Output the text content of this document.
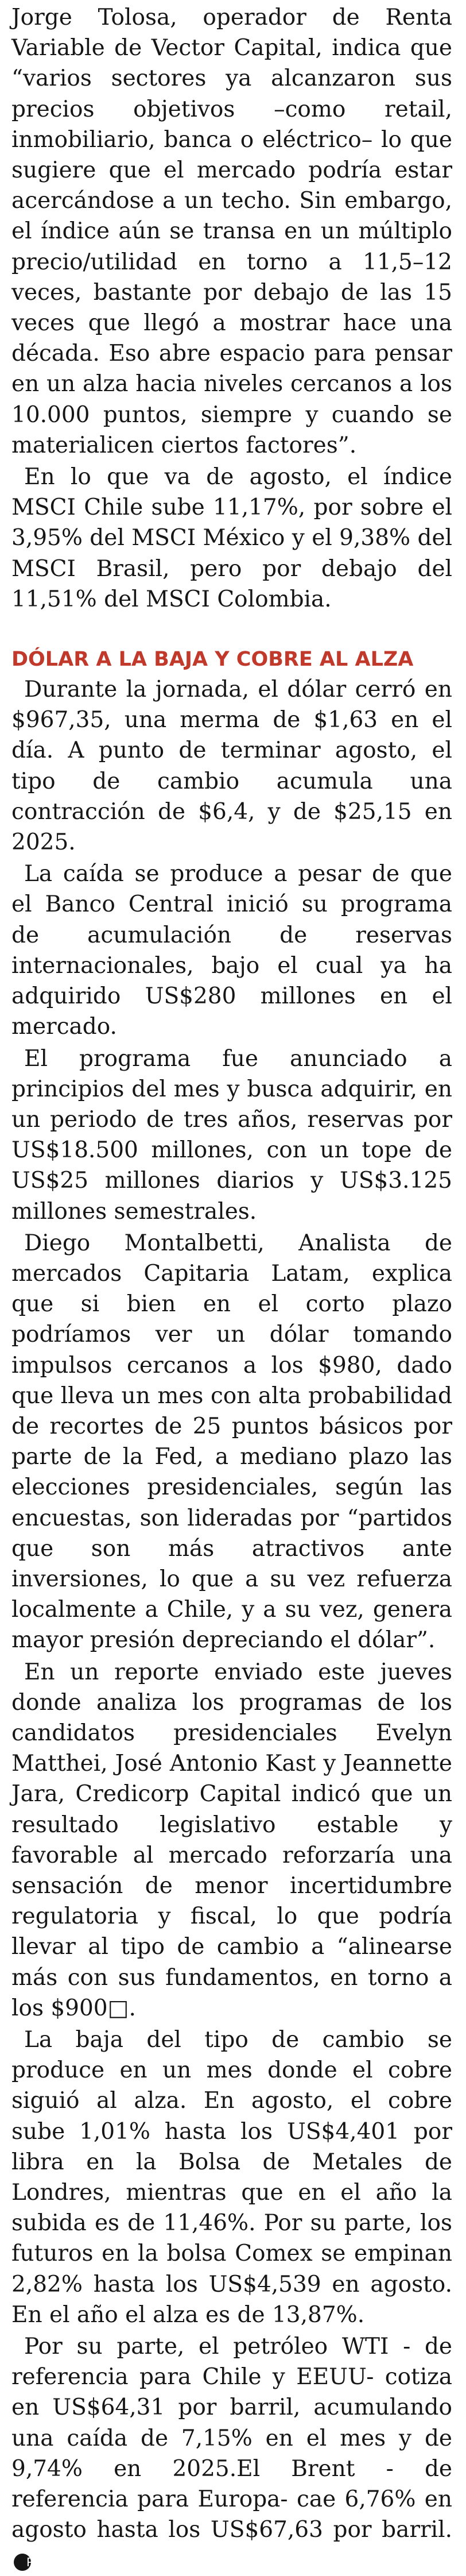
Jorge Tolosa, operador de Renta Variable de Vector Capital, indica que “varios sectores ya alcanzaron sus precios objetivos –como retail, inmobiliario, banca o eléctrico– lo que sugiere que el mercado podría estar acercándose a un techo. Sin embargo, el índice aún se transa en un múltiplo precio/utilidad en torno a 11,5–12 veces, bastante por debajo de las 15 veces que llegó a mostrar hace una década. Eso abre espacio para pensar en un alza hacia niveles cercanos a los 10.000 puntos, siempre y cuando se materialicen ciertos factores”.

En lo que va de agosto, el índice MSCI Chile sube 11,17%, por sobre el 3,95% del MSCI México y el 9,38% del MSCI Brasil, pero por debajo del 11,51% del MSCI Colombia.

DÓLAR A LA BAJA Y COBRE AL ALZA

Durante la jornada, el dólar cerró en $967,35, una merma de $1,63 en el día. A punto de terminar agosto, el tipo de cambio acumula una contracción de $6,4, y de $25,15 en 2025.

La caída se produce a pesar de que el Banco Central inició su programa de acumulación de reservas internacionales, bajo el cual ya ha adquirido US$280 millones en el mercado.

El programa fue anunciado a principios del mes y busca adquirir, en un periodo de tres años, reservas por US$18.500 millones, con un tope de US$25 millones diarios y US$3.125 millones semestrales.

Diego Montalbetti, Analista de mercados Capitaria Latam, explica que si bien en el corto plazo podríamos ver un dólar tomando impulsos cercanos a los $980, dado que lleva un mes con alta probabilidad de recortes de 25 puntos básicos por parte de la Fed, a mediano plazo las elecciones presidenciales, según las encuestas, son lideradas por “partidos que son más atractivos ante inversiones, lo que a su vez refuerza localmente a Chile, y a su vez, genera mayor presión depreciando el dólar”.

En un reporte enviado este jueves donde analiza los programas de los candidatos presidenciales Evelyn Matthei, José Antonio Kast y Jeannette Jara, Credicorp Capital indicó que un resultado legislativo estable y favorable al mercado reforzaría una sensación de menor incertidumbre regulatoria y fiscal, lo que podría llevar al tipo de cambio a “alinearse más con sus fundamentos, en torno a los $900□.

La baja del tipo de cambio se produce en un mes donde el cobre siguió al alza. En agosto, el cobre sube 1,01% hasta los US$4,401 por libra en la Bolsa de Metales de Londres, mientras que en el año la subida es de 11,46%. Por su parte, los futuros en la bolsa Comex se empinan 2,82% hasta los US$4,539 en agosto. En el año el alza es de 13,87%.

Por su parte, el petróleo WTI - de referencia para Chile y EEUU- cotiza en US$64,31 por barril, acumulando una caída de 7,15% en el mes y de 9,74% en 2025.El Brent - de referencia para Europa- cae 6,76% en agosto hasta los US$67,63 por barril.P
